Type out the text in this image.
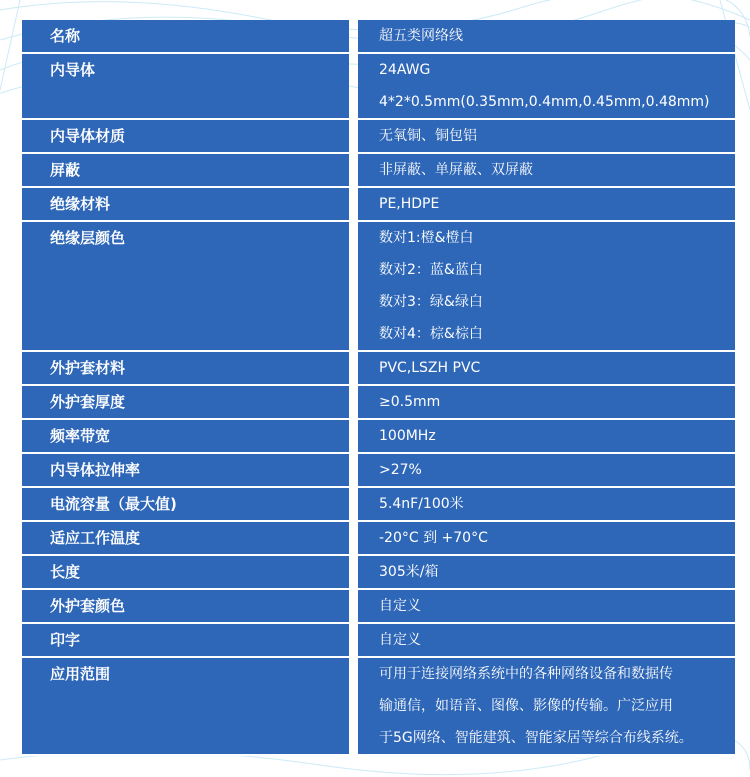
名称	超五类网络线
内导体	24AWG
4*2*0.5mm(0.35mm,0.4mm,0.45mm,0.48mm)
内导体材质	无氧铜、铜包铝
屏蔽	非屏蔽、单屏蔽、双屏蔽
绝缘材料	PE,HDPE
绝缘层颜色	数对1:橙&橙白
数对2：蓝&蓝白
数对3：绿&绿白
数对4：棕&棕白
外护套材料	PVC,LSZH PVC
外护套厚度	≥0.5mm
频率带宽	100MHz
内导体拉伸率	>27%
电流容量（最大值)	5.4nF/100米
适应工作温度	-20°C 到 +70°C
长度	305米/箱
外护套颜色	自定义
印字	自定义
应用范围	可用于连接网络系统中的各种网络设备和数据传
输通信，如语音、图像、影像的传输。广泛应用
于5G网络、智能建筑、智能家居等综合布线系统。
